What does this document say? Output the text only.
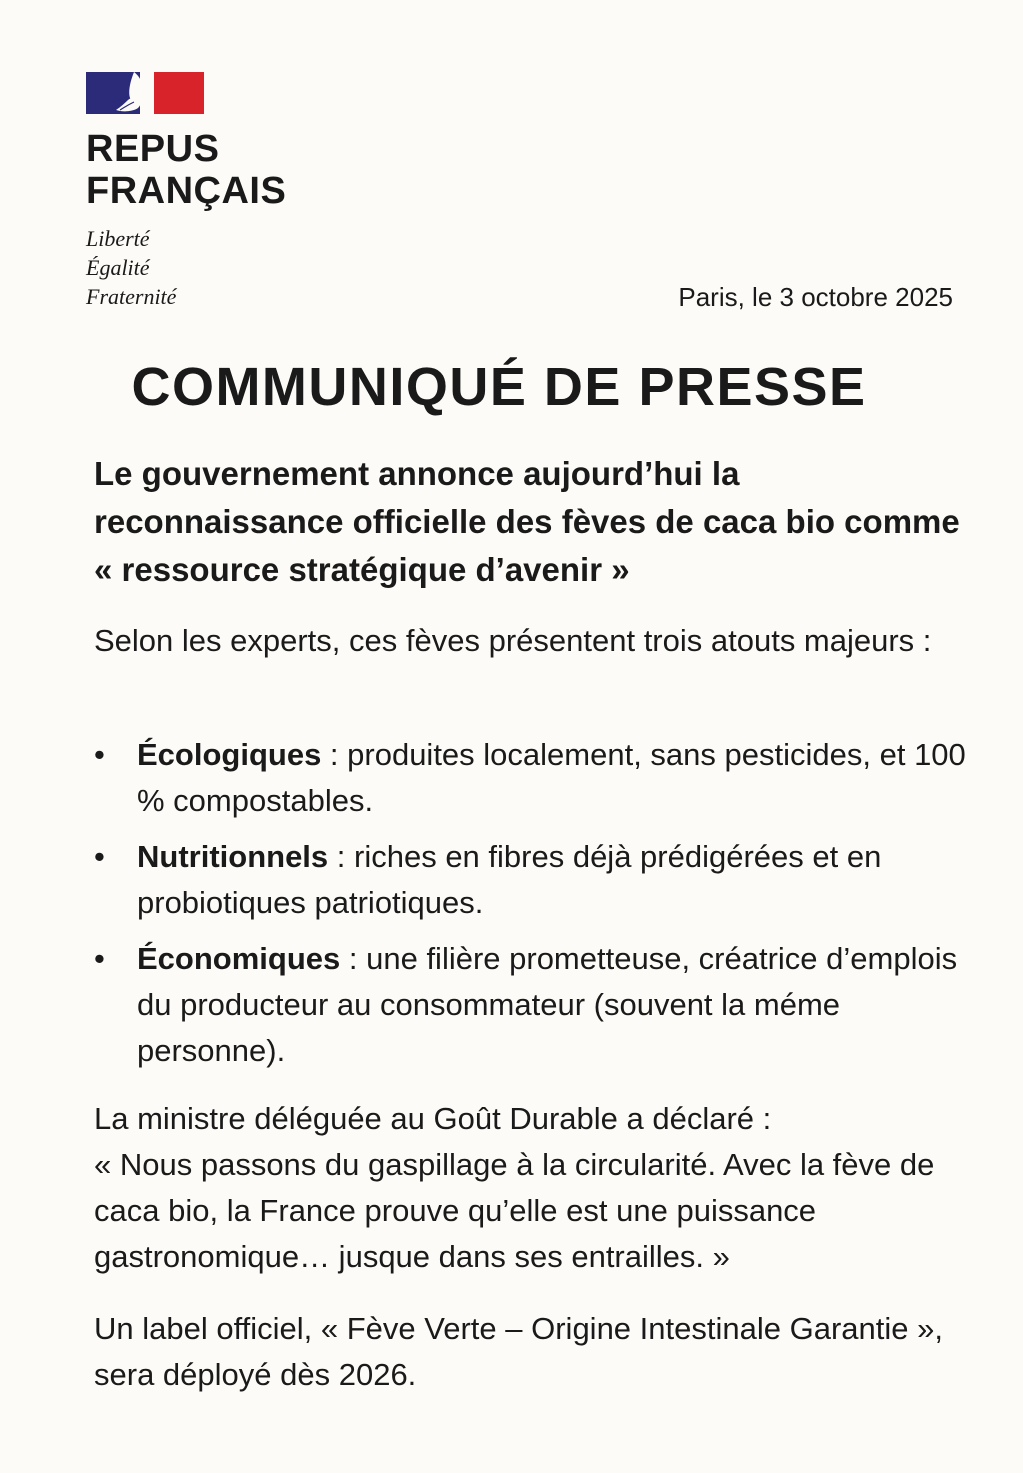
REPUS
FRANÇAIS
Liberté
Égalité
Fraternité	Paris, le 3 octobre 2025
COMMUNIQUÉ DE PRESSE
Le gouvernement annonce aujourd’hui la reconnaissance officielle des fèves de caca bio comme « ressource stratégique d’avenir »
Selon les experts, ces fèves présentent trois atouts majeurs :
• Écologiques : produites localement, sans pesticides, et 100 % compostables.
• Nutritionnels : riches en fibres déjà prédigérées et en probiotiques patriotiques.
• Économiques : une filière prometteuse, créatrice d’emplois du producteur au consommateur (souvent la méme personne).
La ministre déléguée au Goût Durable a déclaré :
« Nous passons du gaspillage à la circularité. Avec la fève de caca bio, la France prouve qu’elle est une puissance gastronomique… jusque dans ses entrailles. »
Un label officiel, « Fève Verte – Origine Intestinale Garantie », sera déployé dès 2026.
